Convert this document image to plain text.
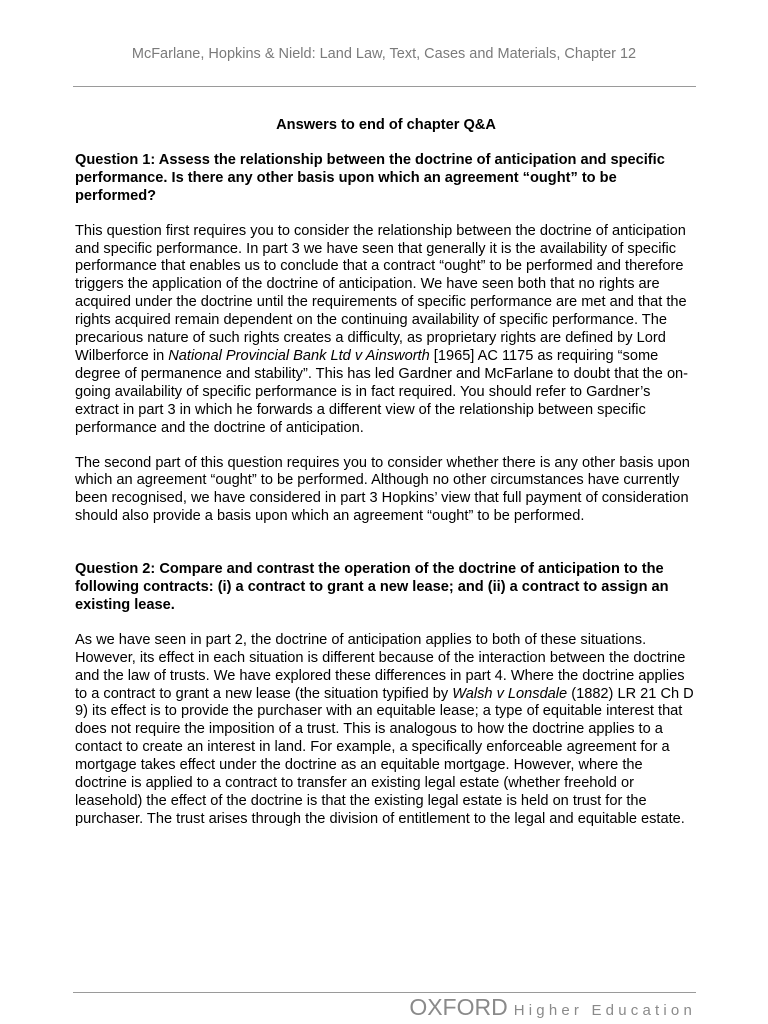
McFarlane, Hopkins & Nield: Land Law, Text, Cases and Materials, Chapter 12
Answers to end of chapter Q&A
Question 1: Assess the relationship between the doctrine of anticipation and specific performance. Is there any other basis upon which an agreement “ought” to be performed?

This question first requires you to consider the relationship between the doctrine of anticipation and specific performance. In part 3 we have seen that generally it is the availability of specific performance that enables us to conclude that a contract “ought” to be performed and therefore triggers the application of the doctrine of anticipation. We have seen both that no rights are acquired under the doctrine until the requirements of specific performance are met and that the rights acquired remain dependent on the continuing availability of specific performance. The precarious nature of such rights creates a difficulty, as proprietary rights are defined by Lord Wilberforce in National Provincial Bank Ltd v Ainsworth [1965] AC 1175 as requiring “some degree of permanence and stability”. This has led Gardner and McFarlane to doubt that the on-going availability of specific performance is in fact required. You should refer to Gardner’s extract in part 3 in which he forwards a different view of the relationship between specific performance and the doctrine of anticipation.

The second part of this question requires you to consider whether there is any other basis upon which an agreement “ought” to be performed. Although no other circumstances have currently been recognised, we have considered in part 3 Hopkins’ view that full payment of consideration should also provide a basis upon which an agreement “ought” to be performed.

Question 2: Compare and contrast the operation of the doctrine of anticipation to the following contracts: (i) a contract to grant a new lease; and (ii) a contract to assign an existing lease.

As we have seen in part 2, the doctrine of anticipation applies to both of these situations. However, its effect in each situation is different because of the interaction between the doctrine and the law of trusts. We have explored these differences in part 4. Where the doctrine applies to a contract to grant a new lease (the situation typified by Walsh v Lonsdale (1882) LR 21 Ch D 9) its effect is to provide the purchaser with an equitable lease; a type of equitable interest that does not require the imposition of a trust. This is analogous to how the doctrine applies to a contact to create an interest in land. For example, a specifically enforceable agreement for a mortgage takes effect under the doctrine as an equitable mortgage. However, where the doctrine is applied to a contract to transfer an existing legal estate (whether freehold or leasehold) the effect of the doctrine is that the existing legal estate is held on trust for the purchaser. The trust arises through the division of entitlement to the legal and equitable estate.

OXFORD Higher Education
